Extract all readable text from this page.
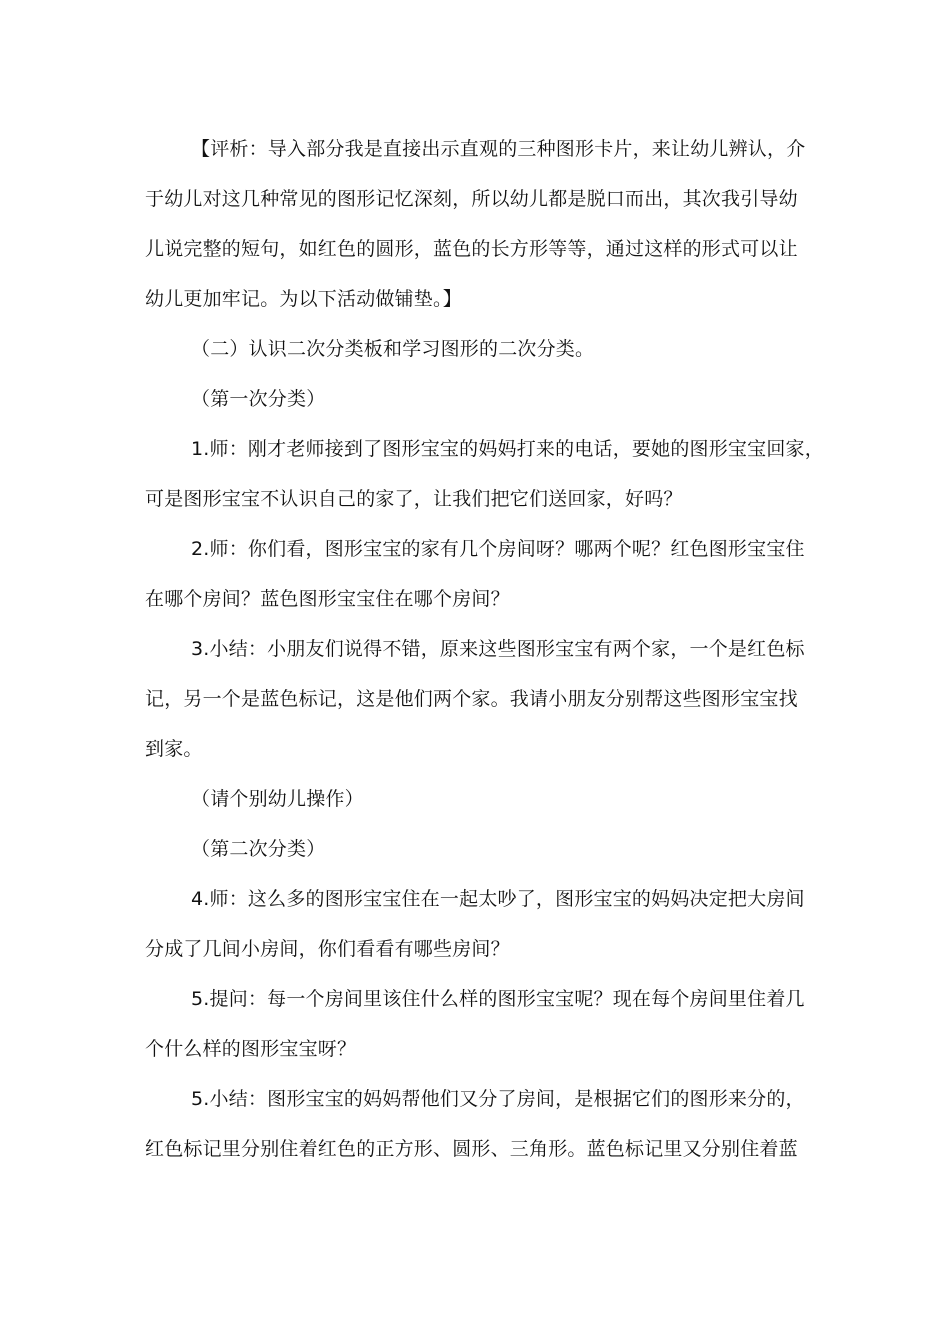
【评析：导入部分我是直接出示直观的三种图形卡片，来让幼儿辨认，介
于幼儿对这几种常见的图形记忆深刻，所以幼儿都是脱口而出，其次我引导幼
儿说完整的短句，如红色的圆形，蓝色的长方形等等，通过这样的形式可以让
幼儿更加牢记。为以下活动做铺垫。】
（二）认识二次分类板和学习图形的二次分类。
（第一次分类）
1.师：刚才老师接到了图形宝宝的妈妈打来的电话，要她的图形宝宝回家，
可是图形宝宝不认识自己的家了，让我们把它们送回家，好吗？
2.师：你们看，图形宝宝的家有几个房间呀？哪两个呢？红色图形宝宝住
在哪个房间？蓝色图形宝宝住在哪个房间？
3.小结：小朋友们说得不错，原来这些图形宝宝有两个家，一个是红色标
记，另一个是蓝色标记，这是他们两个家。我请小朋友分别帮这些图形宝宝找
到家。
（请个别幼儿操作）
（第二次分类）
4.师：这么多的图形宝宝住在一起太吵了，图形宝宝的妈妈决定把大房间
分成了几间小房间，你们看看有哪些房间？
5.提问：每一个房间里该住什么样的图形宝宝呢？现在每个房间里住着几
个什么样的图形宝宝呀？
5.小结：图形宝宝的妈妈帮他们又分了房间，是根据它们的图形来分的，
红色标记里分别住着红色的正方形、圆形、三角形。蓝色标记里又分别住着蓝
